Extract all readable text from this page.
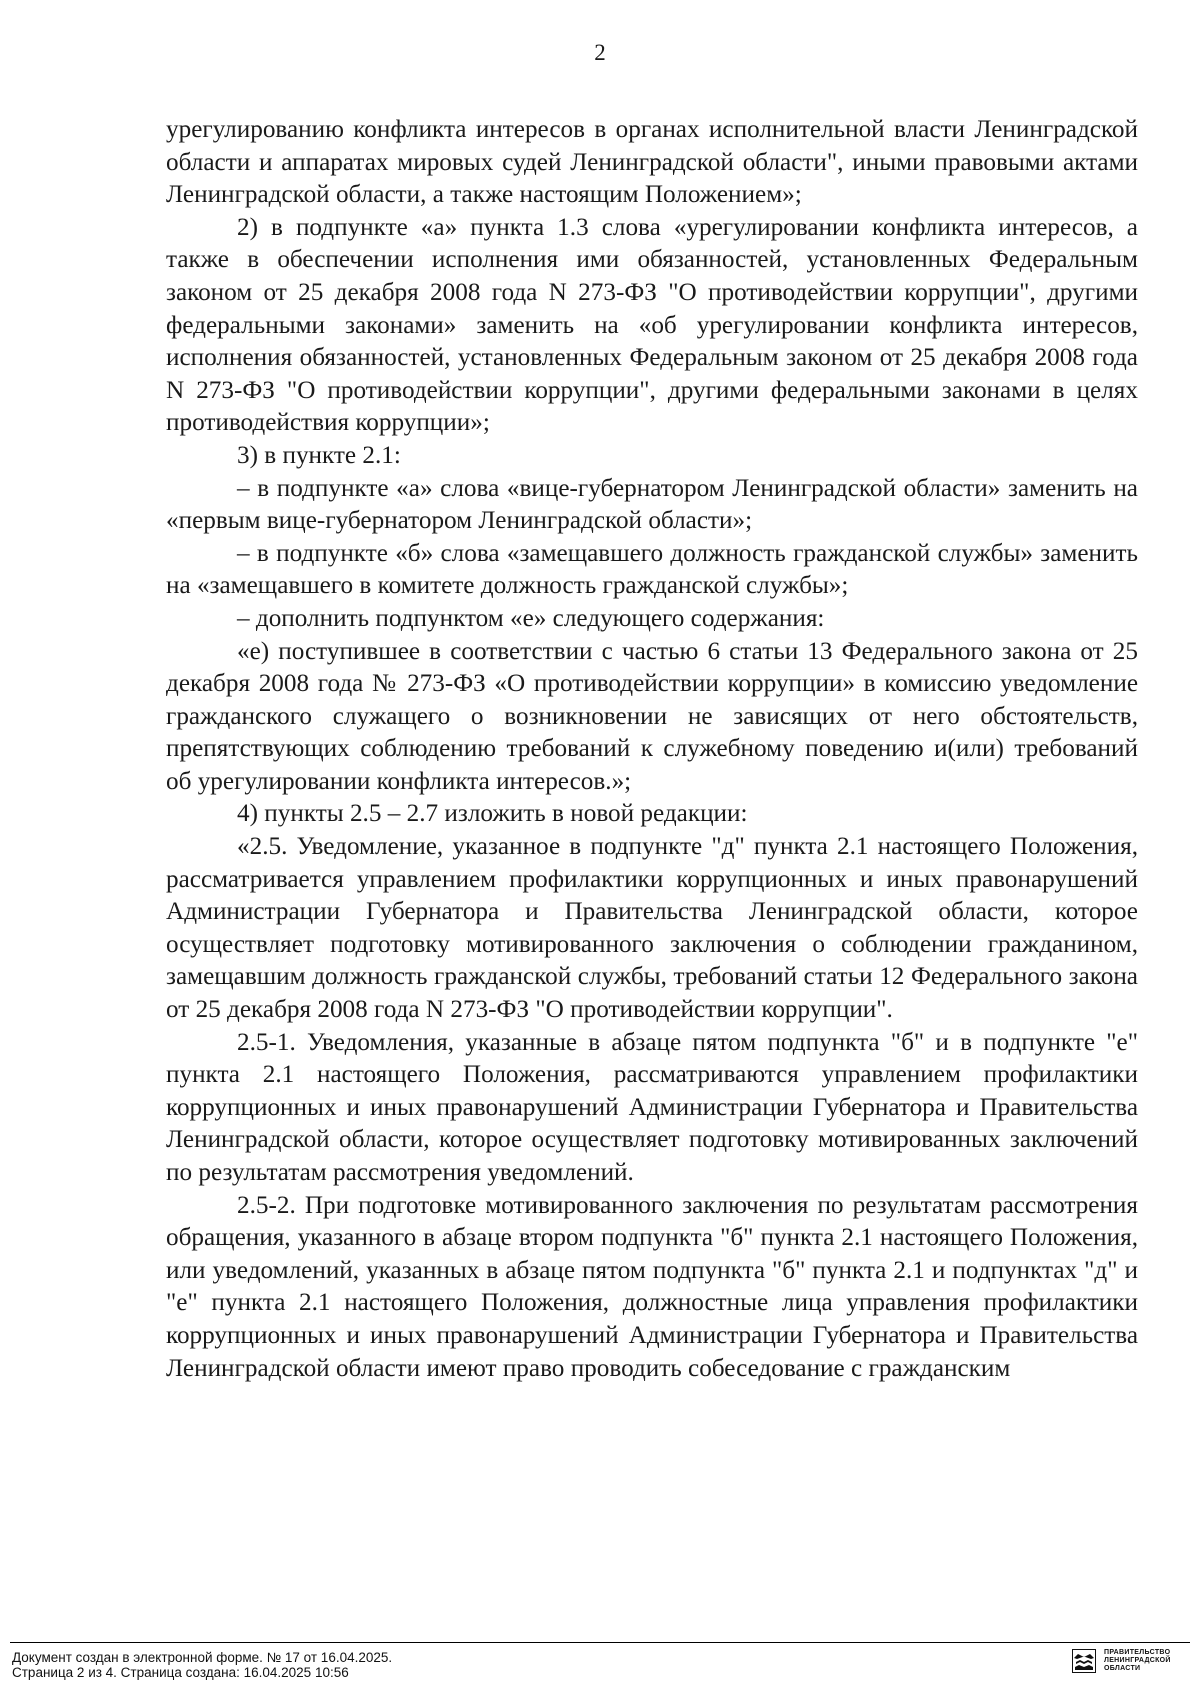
2

урегулированию конфликта интересов в органах исполнительной власти Ленинградской области и аппаратах мировых судей Ленинградской области", иными правовыми актами Ленинградской области, а также настоящим Положением»;

2) в подпункте «а» пункта 1.3 слова «урегулировании конфликта интересов, а также в обеспечении исполнения ими обязанностей, установленных Федеральным законом от 25 декабря 2008 года N 273-ФЗ "О противодействии коррупции", другими федеральными законами» заменить на «об урегулировании конфликта интересов, исполнения обязанностей, установленных Федеральным законом от 25 декабря 2008 года N 273-ФЗ "О противодействии коррупции", другими федеральными законами в целях противодействия коррупции»;

3) в пункте 2.1:

– в подпункте «а» слова «вице-губернатором Ленинградской области» заменить на «первым вице-губернатором Ленинградской области»;

– в подпункте «б» слова «замещавшего должность гражданской службы» заменить на «замещавшего в комитете должность гражданской службы»;

– дополнить подпунктом «е» следующего содержания:

«е) поступившее в соответствии с частью 6 статьи 13 Федерального закона от 25 декабря 2008 года № 273-ФЗ «О противодействии коррупции» в комиссию уведомление гражданского служащего о возникновении не зависящих от него обстоятельств, препятствующих соблюдению требований к служебному поведению и(или) требований об урегулировании конфликта интересов.»;

4) пункты 2.5 – 2.7 изложить в новой редакции:

«2.5. Уведомление, указанное в подпункте "д" пункта 2.1 настоящего Положения, рассматривается управлением профилактики коррупционных и иных правонарушений Администрации Губернатора и Правительства Ленинградской области, которое осуществляет подготовку мотивированного заключения о соблюдении гражданином, замещавшим должность гражданской службы, требований статьи 12 Федерального закона от 25 декабря 2008 года N 273-ФЗ "О противодействии коррупции".

2.5-1. Уведомления, указанные в абзаце пятом подпункта "б" и в подпункте "е" пункта 2.1 настоящего Положения, рассматриваются управлением профилактики коррупционных и иных правонарушений Администрации Губернатора и Правительства Ленинградской области, которое осуществляет подготовку мотивированных заключений по результатам рассмотрения уведомлений.

2.5-2. При подготовке мотивированного заключения по результатам рассмотрения обращения, указанного в абзаце втором подпункта "б" пункта 2.1 настоящего Положения, или уведомлений, указанных в абзаце пятом подпункта "б" пункта 2.1 и подпунктах "д" и "е" пункта 2.1 настоящего Положения, должностные лица управления профилактики коррупционных и иных правонарушений Администрации Губернатора и Правительства Ленинградской области имеют право проводить собеседование с гражданским

Документ создан в электронной форме. № 17 от 16.04.2025.
Страница 2 из 4. Страница создана: 16.04.2025 10:56
ПРАВИТЕЛЬСТВО
ЛЕНИНГРАДСКОЙ
ОБЛАСТИ
